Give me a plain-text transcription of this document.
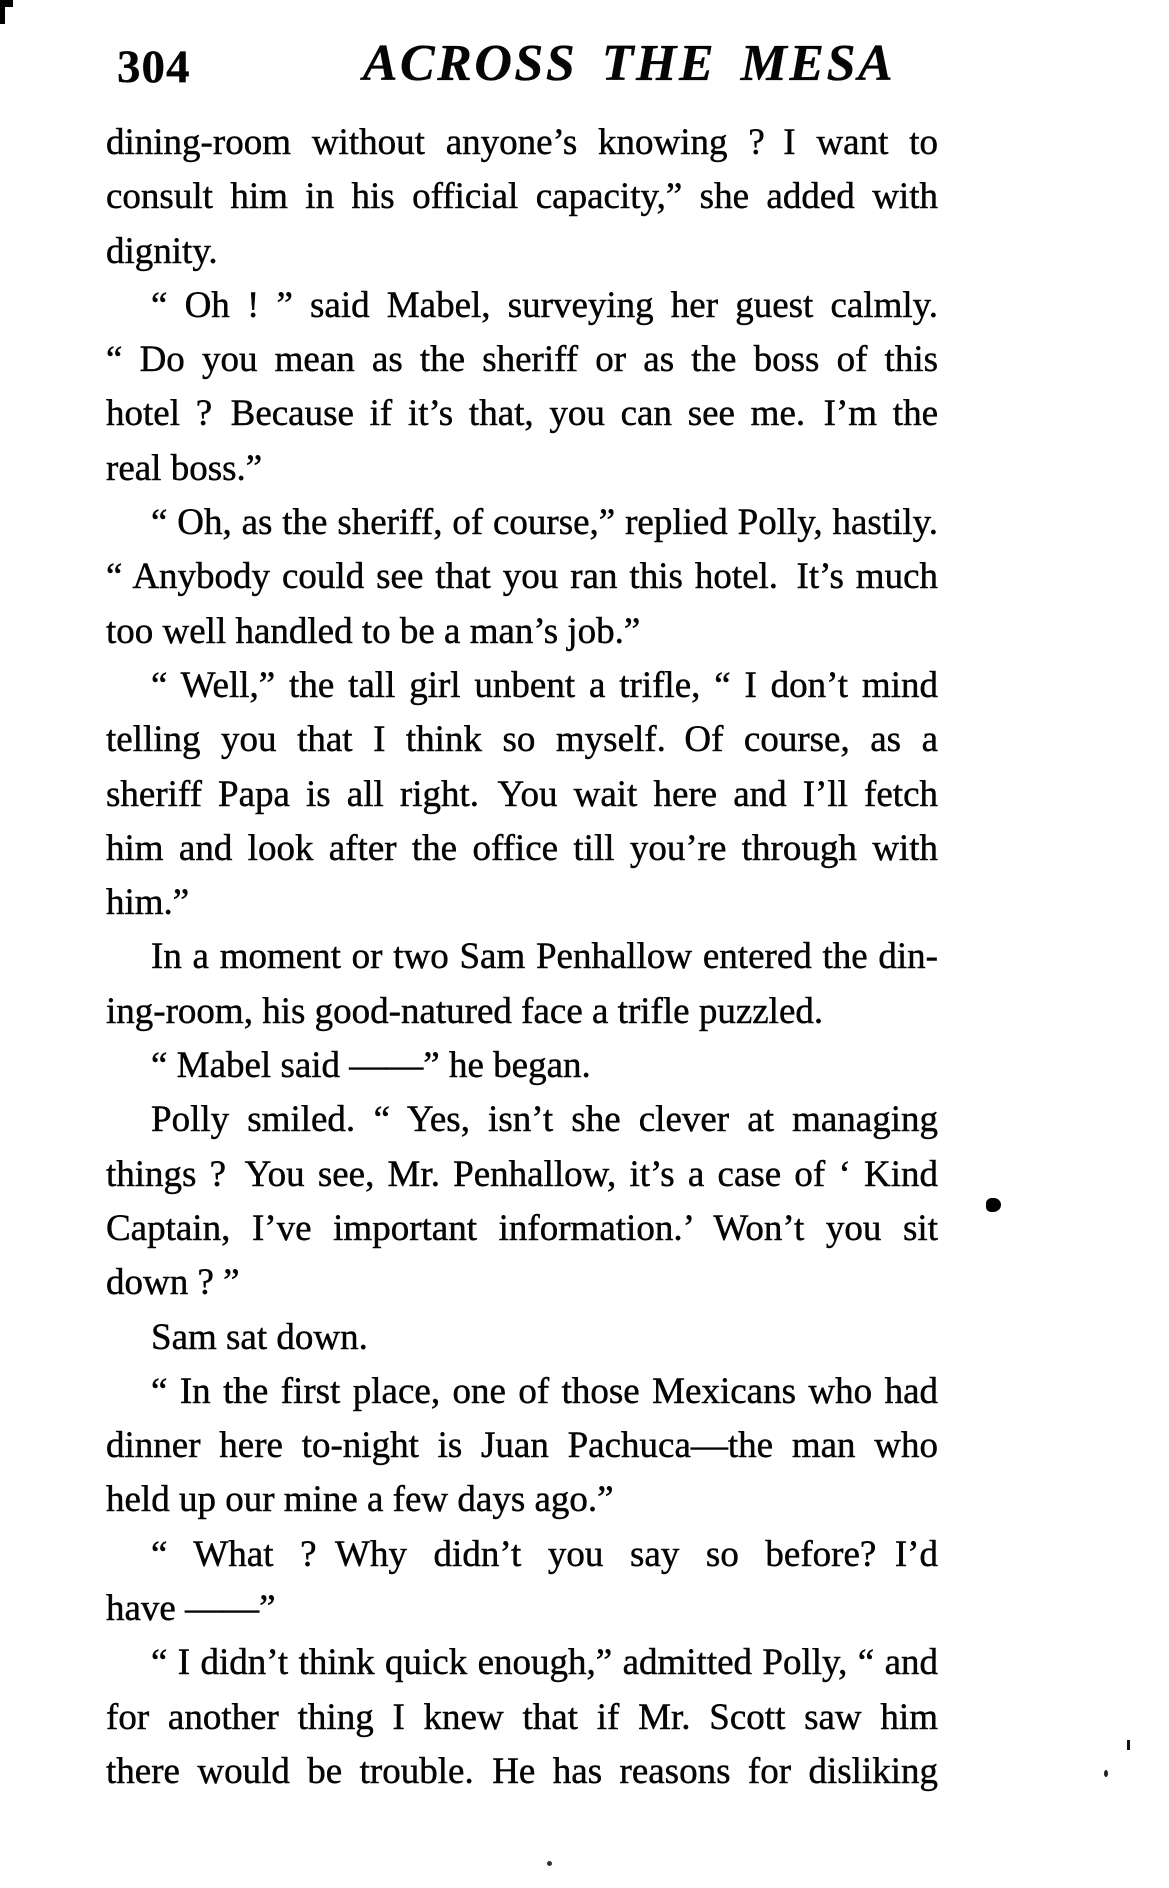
304	ACROSS THE MESA
dining-room without anyone’s knowing ? I want to
consult him in his official capacity,” she added with
dignity.
“ Oh ! ” said Mabel, surveying her guest calmly.
“ Do you mean as the sheriff or as the boss of this
hotel ? Because if it’s that, you can see me. I’m the
real boss.”
“ Oh, as the sheriff, of course,” replied Polly, hastily.
“ Anybody could see that you ran this hotel. It’s much
too well handled to be a man’s job.”
“ Well,” the tall girl unbent a trifle, “ I don’t mind
telling you that I think so myself. Of course, as a
sheriff Papa is all right. You wait here and I’ll fetch
him and look after the office till you’re through with
him.”
In a moment or two Sam Penhallow entered the din-
ing-room, his good-natured face a trifle puzzled.
“ Mabel said ——” he began.
Polly smiled. “ Yes, isn’t she clever at managing
things ? You see, Mr. Penhallow, it’s a case of ‘ Kind
Captain, I’ve important information.’ Won’t you sit
down ? ”
Sam sat down.
“ In the first place, one of those Mexicans who had
dinner here to-night is Juan Pachuca—the man who
held up our mine a few days ago.”
“ What ? Why didn’t you say so before? I’d
have ——”
“ I didn’t think quick enough,” admitted Polly, “ and
for another thing I knew that if Mr. Scott saw him
there would be trouble. He has reasons for disliking
